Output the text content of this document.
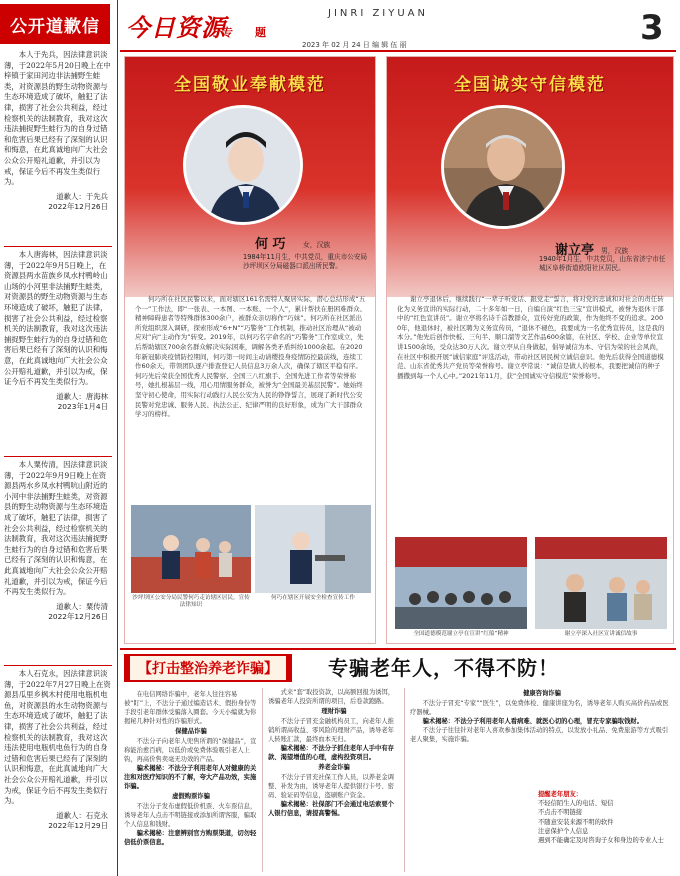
公开道歉信
本人于先兵，因法律意识淡薄，于2022年5月20日晚上在中梓镇于家田河边非法捕野生蛙类，对资源县的野生动物资源与生态环境造成了破坏，触犯了法律，损害了社会公共利益，经过检察机关的法制教育，我对这次违法捕捉野生蛙行为的自身过错和危害后果已经有了深刻的认识和悔意，在此真诚地向广大社会公众公开赔礼道歉，并引以为戒，保证今后不再发生类似行为。
道歉人：于先兵
2022年12月26日
本人唐海林，因法律意识淡薄，于2022年9月5日晚上，在资源县两水苗族乡凤水村鸭岭山山场的小河里非法捕野生蛙类，对资源县的野生动物资源与生态环境造成了破坏，触犯了法律，损害了社会公共利益，经过检察机关的法制教育，我对这次违法捕捉野生蛙行为的自身过错和危害后果已经有了深刻的认识和悔意，在此真诚地向广大社会公众公开赔礼道歉，并引以为戒，保证今后不再发生类似行为。
道歉人：唐海林
2023年1月4日
本人粟传清，因法律意识淡薄，于2022年9月9日晚上在资源县两水乡凤水村鸭吭山附近的小河中非法捕野生蛙类，对资源县的野生动物资源与生态环境造成了破坏，触犯了法律，损害了社会公共利益，经过检察机关的法制教育，我对这次违法捕捉野生蛙行为的自身过错和危害后果已经有了深刻的认识和悔意，在此真诚地向广大社会公众公开赔礼道歉，并引以为戒，保证今后不再发生类似行为。
道歉人：粟传清
2022年12月26日
本人石克永，因法律意识淡薄，于2022年7月27日晚上在资源县瓜里乡枫木村使用电瓶机电鱼，对资源县的水生动物资源与生态环境造成了破坏，触犯了法律，损害了社会公共利益，经过检察机关的法制教育，我对这次违法使用电瓶机电鱼行为的自身过错和危害后果已经有了深刻的认识和悔意，在此真诚地向广大社会公众公开赔礼道歉，并引以为戒，保证今后不再发生类似行为。
道歉人：石克永
2022年12月29日
今日资源
专题
JINRI ZIYUAN
2023 年 02 月 24 日 编 辑 伍 丽	3
全国敬业奉献模范
何 巧	女，汉族
1984年11月生，中共党员，重庆市公安局沙坪坝区分局磁器口派出所民警。
何巧所在社区民警以来，面对辖区161名需特人聚居实际，潜心总结形成“五个一”工作法，即“一张表、一本图、一本账、一个人”，累计帮扶在册困难群众、精神障碍患者等特殊群体300余户，被群众亲切称作“巧妹”。何巧所在社区派出所党组织深入调研，探索形成“6+N”“巧警务”工作机制，推动社区治理从“被动应对”向“主动作为”转变。2019年，以何巧名字命名的“巧警务”工作室成立，先后帮助辖区700余名群众解决实际困难，调解各类矛盾纠纷1000余起。在2020年新冠肺炎疫情防控期间，何巧第一时间主动请缨投身疫情防控最前线，连续工作60余天，带领团队逐户排查登记人员信息3万余人次，确保了辖区平稳有序。何巧先后荣获全国优秀人民警察、全国三八红旗手、全国先进工作者等荣誉称号，她扎根基层一线，用心用情服务群众，被誉为“全国最美基层民警”。她始终坚守初心使命，用实际行动践行人民公安为人民的铮铮誓言，展现了新时代公安民警对党忠诚、服务人民、执法公正、纪律严明的良好形象，成为广大干部群众学习的榜样。
沙坪坝区公安分局民警何巧走访辖区居民，宣传法律知识
何巧在辖区开展安全检查宣传工作
全国诚实守信模范
谢立亭 男，汉族
1940年1月生，中共党员，山东省济宁市任城区阜桥街道欧阳社区居民。
谢立亭退休后，继续践行“一辈子听党话、跟党走”誓言，将对党的忠诚和对社会的责任转化为义务宣讲的实际行动，二十多年如一日，自编自演“红色三宝”宣讲模式，被誉为退休干部中的“红色宣讲员”。谢立亭将名诗千首教群众，宣传好党的政策，作为他终不变的追求。2000年，他退休时，被社区聘为义务宣传员，“退休不褪色，我要成为一名优秀宣传员，这是我的本分。”他先后创作快板、三句半、顺口溜等文艺作品600余篇，在社区、学校、企业等单位宣讲1500余场，受众达30万人次。谢立亭从自身做起，倡导诚信为本、守信为荣的社会风尚，在社区中积极开展“诚信家庭”评选活动，带动社区居民树立诚信意识。他先后获得全国道德模范、山东省优秀共产党员等荣誉称号。谢立亭常说：“诚信是做人的根本，我要把诚信的种子播撒到每一个人心中。”2021年11月，获“全国诚实守信模范”荣誉称号。
全国道德模范谢立亭在宣讲“红船”精神	谢立亭深入社区宣讲诚信故事
【打击整治养老诈骗】	专骗老年人，不得不防！

在电信网络诈骗中，老年人往往容易被“盯”上，不法分子通过编造话术、假扮身份等手段引老年群体受骗落入圈套。今天小编就为你揭秘几种针对性的诈骗形式。

保健品诈骗

不法分子向老年人兜售所谓的“保健品”，宣称能治愈百病，以低价或免费体验吸引老人上钩，再高价售卖毫无功效的产品。

骗术揭秘：不法分子利用老年人对健康的关注和对医疗知识的不了解，夸大产品功效，实施诈骗。

虚假购票诈骗

不法分子发布虚假低价机票、火车票信息，诱导老年人点击不明链接或添加所谓客服，骗取个人信息和钱财。

骗术揭秘：注意辨别官方购票渠道，切勿轻信低价票信息。

式来“套”取投资款，以高额回报为诱饵，诱骗老年人投资所谓的项目，后卷款跑路。

理财诈骗

不法分子冒充金融机构员工，向老年人推销所谓高收益、零风险的理财产品，诱导老年人转账汇款，最终血本无归。

骗术揭秘：不法分子抓住老年人手中有存款、渴望增值的心理，虚构投资项目。

养老金诈骗

不法分子冒充社保工作人员，以养老金调整、补发为由，诱导老年人提供银行卡号、密码、验证码等信息，盗刷账户资金。

骗术揭秘：社保部门不会通过电话索要个人银行信息，请提高警惕。

健康咨询诈骗

不法分子冒充“专家”“医生”，以免费体检、健康讲座为名，诱导老年人购买高价药品或医疗器械。

骗术揭秘：不法分子利用老年人看病难、就医心切的心理，冒充专家骗取钱财。

不法分子往往针对老年人喜欢参加集体活动的特点，以发放小礼品、免费旅游等方式吸引老人聚集，实施诈骗。

提醒老年朋友：
不轻信陌生人的电话、短信
不点击不明链接
不随意安装来源不明的软件
注意保护个人信息
遇到不能确定及时咨询子女和身边的专业人士
